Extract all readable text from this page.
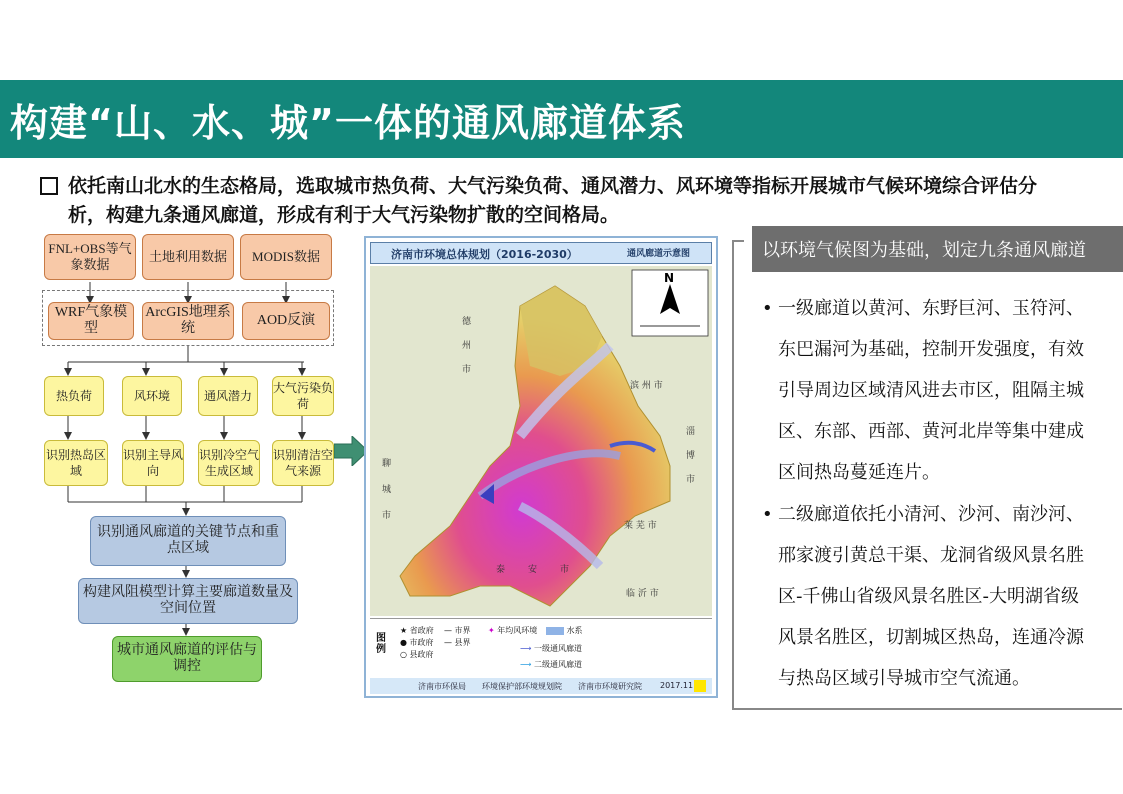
构建“山、水、城”一体的通风廊道体系
依托南山北水的生态格局，选取城市热负荷、大气污染负荷、通风潜力、风环境等指标开展城市气候环境综合评估分析，构建九条通风廊道，形成有利于大气污染物扩散的空间格局。
FNL+OBS等气象数据
土地利用数据	MODIS数据
WRF气象模型
ArcGIS地理系统
AOD反演
热负荷	风环境	通风潜力
大气污染负荷
识别热岛区域
识别主导风向
识别冷空气生成区域
识别清洁空气来源
识别通风廊道的关键节点和重点区域
构建风阻模型计算主要廊道数量及空间位置
城市通风廊道的评估与调控
济南市环境总体规划（2016-2030）	通风廊道示意图
N
德
州
市
滨 州 市
淄
博
市
聊
城
市
泰	安	市
莱 芜 市
临 沂 市
图例
★ 省政府
● 市政府
○ 县政府
— 市界
— 县界
✦ 年均风环境	水系
⟶ 一级通风廊道
⟶ 二级通风廊道
济南市环保局 环境保护部环境规划院 济南市环境研究院 2017.11
以环境气候图为基础，划定九条通风廊道
• 一级廊道以黄河、东野巨河、玉符河、东巴漏河为基础，控制开发强度，有效引导周边区域清风进去市区，阻隔主城区、东部、西部、黄河北岸等集中建成区间热岛蔓延连片。
• 二级廊道依托小清河、沙河、南沙河、邢家渡引黄总干渠、龙洞省级风景名胜区-千佛山省级风景名胜区-大明湖省级风景名胜区，切割城区热岛，连通冷源与热岛区域引导城市空气流通。
